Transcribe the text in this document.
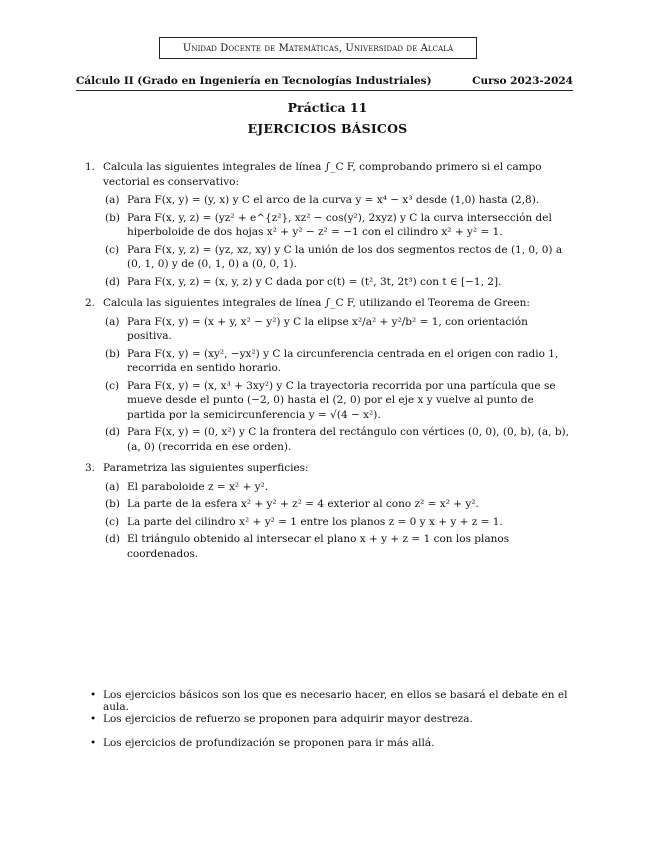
Unidad Docente de Matemáticas, Universidad de Alcalá
Cálculo II (Grado en Ingeniería en Tecnologías Industriales)	Curso 2023-2024
Práctica 11
EJERCICIOS BÁSICOS
1. Calcula las siguientes integrales de línea ∫_C F, comprobando primero si el campo vectorial es conservativo:
(a) Para F(x, y) = (y, x) y C el arco de la curva y = x⁴ − x³ desde (1,0) hasta (2,8).
(b) Para F(x, y, z) = (yz² + e^{z²}, xz² − cos(y²), 2xyz) y C la curva intersección del hiperboloide de dos hojas x² + y² − z² = −1 con el cilindro x² + y² = 1.
(c) Para F(x, y, z) = (yz, xz, xy) y C la unión de los dos segmentos rectos de (1, 0, 0) a (0, 1, 0) y de (0, 1, 0) a (0, 0, 1).
(d) Para F(x, y, z) = (x, y, z) y C dada por c(t) = (t², 3t, 2t³) con t ∈ [−1, 2].
2. Calcula las siguientes integrales de línea ∫_C F, utilizando el Teorema de Green:
(a) Para F(x, y) = (x + y, x² − y²) y C la elipse x²/a² + y²/b² = 1, con orientación positiva.
(b) Para F(x, y) = (xy², −yx²) y C la circunferencia centrada en el origen con radio 1, recorrida en sentido horario.
(c) Para F(x, y) = (x, x³ + 3xy²) y C la trayectoria recorrida por una partícula que se mueve desde el punto (−2, 0) hasta el (2, 0) por el eje x y vuelve al punto de partida por la semicircunferencia y = √(4 − x²).
(d) Para F(x, y) = (0, x²) y C la frontera del rectángulo con vértices (0, 0), (0, b), (a, b), (a, 0) (recorrida en ese orden).
3. Parametriza las siguientes superficies:
(a) El paraboloide z = x² + y².
(b) La parte de la esfera x² + y² + z² = 4 exterior al cono z² = x² + y².
(c) La parte del cilindro x² + y² = 1 entre los planos z = 0 y x + y + z = 1.
(d) El triángulo obtenido al intersecar el plano x + y + z = 1 con los planos coordenados.
• Los ejercicios básicos son los que es necesario hacer, en ellos se basará el debate en el aula.
• Los ejercicios de refuerzo se proponen para adquirir mayor destreza.
• Los ejercicios de profundización se proponen para ir más allá.
